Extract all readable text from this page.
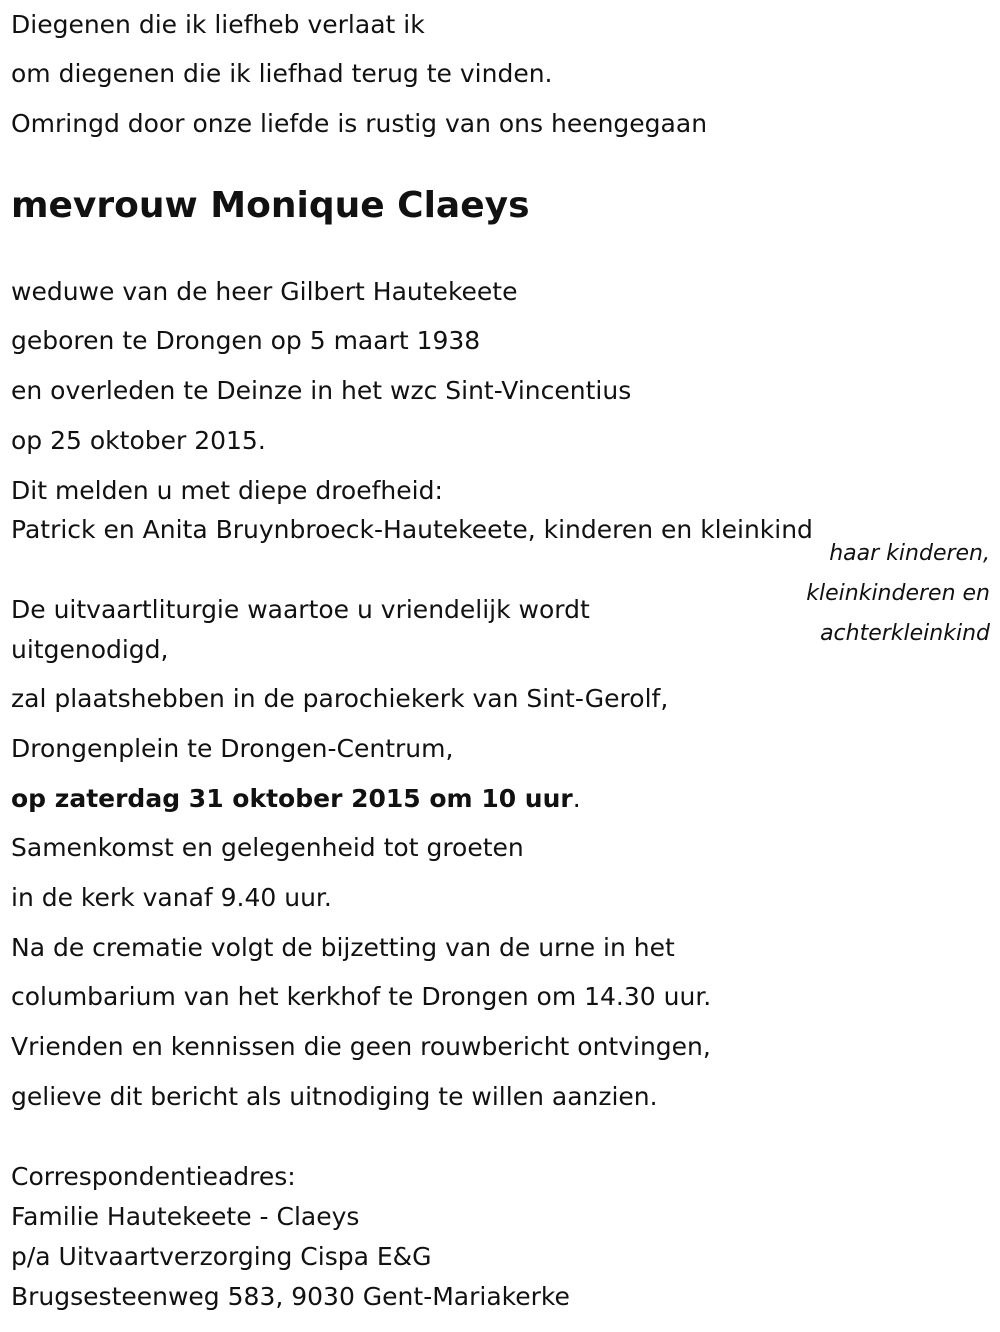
Diegenen die ik liefheb verlaat ik

om diegenen die ik liefhad terug te vinden.

Omringd door onze liefde is rustig van ons heengegaan

mevrouw Monique Claeys

weduwe van de heer Gilbert Hautekeete

geboren te Drongen op 5 maart 1938

en overleden te Deinze in het wzc Sint-Vincentius

op 25 oktober 2015.

Dit melden u met diepe droefheid:

Patrick en Anita Bruynbroeck-Hautekeete, kinderen en kleinkind

haar kinderen,

kleinkinderen en

achterkleinkind

De uitvaartliturgie waartoe u vriendelijk wordt

uitgenodigd,

zal plaatshebben in de parochiekerk van Sint-Gerolf,

Drongenplein te Drongen-Centrum,

op zaterdag 31 oktober 2015 om 10 uur.

Samenkomst en gelegenheid tot groeten

in de kerk vanaf 9.40 uur.

Na de crematie volgt de bijzetting van de urne in het

columbarium van het kerkhof te Drongen om 14.30 uur.

Vrienden en kennissen die geen rouwbericht ontvingen,

gelieve dit bericht als uitnodiging te willen aanzien.

Correspondentieadres:

Familie Hautekeete - Claeys

p/a Uitvaartverzorging Cispa E&G

Brugsesteenweg 583, 9030 Gent-Mariakerke
